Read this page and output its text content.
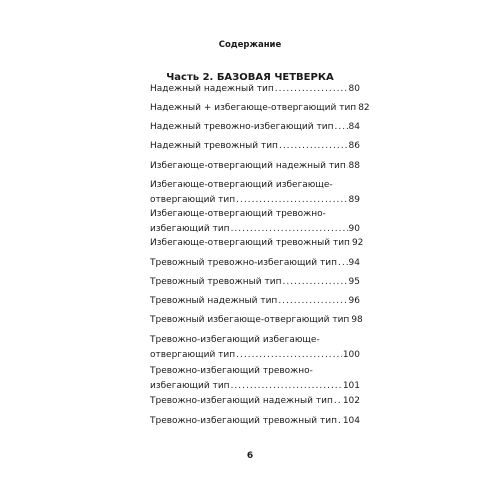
Содержание
Часть 2. БАЗОВАЯ ЧЕТВЕРКА
Надежный надежный тип .....	80
Надежный + избегающе-отвергающий тип 82
Надежный тревожно-избегающий тип ..... 84
Надежный тревожный тип .....	86
Избегающе-отвергающий надежный тип ..... 88
Избегающе-отвергающий избегающе-
отвергающий тип .....	89
Избегающе-отвергающий тревожно-
избегающий тип .....	90
Избегающе-отвергающий тревожный тип 92
Тревожный тревожно-избегающий тип ..... 94
Тревожный тревожный тип .....	95
Тревожный надежный тип .....	96
Тревожный избегающе-отвергающий тип 98
Тревожно-избегающий избегающе-
отвергающий тип .....	100
Тревожно-избегающий тревожно-
избегающий тип .....	101
Тревожно-избегающий надежный тип ..... 102
Тревожно-избегающий тревожный тип ..... 104
6
